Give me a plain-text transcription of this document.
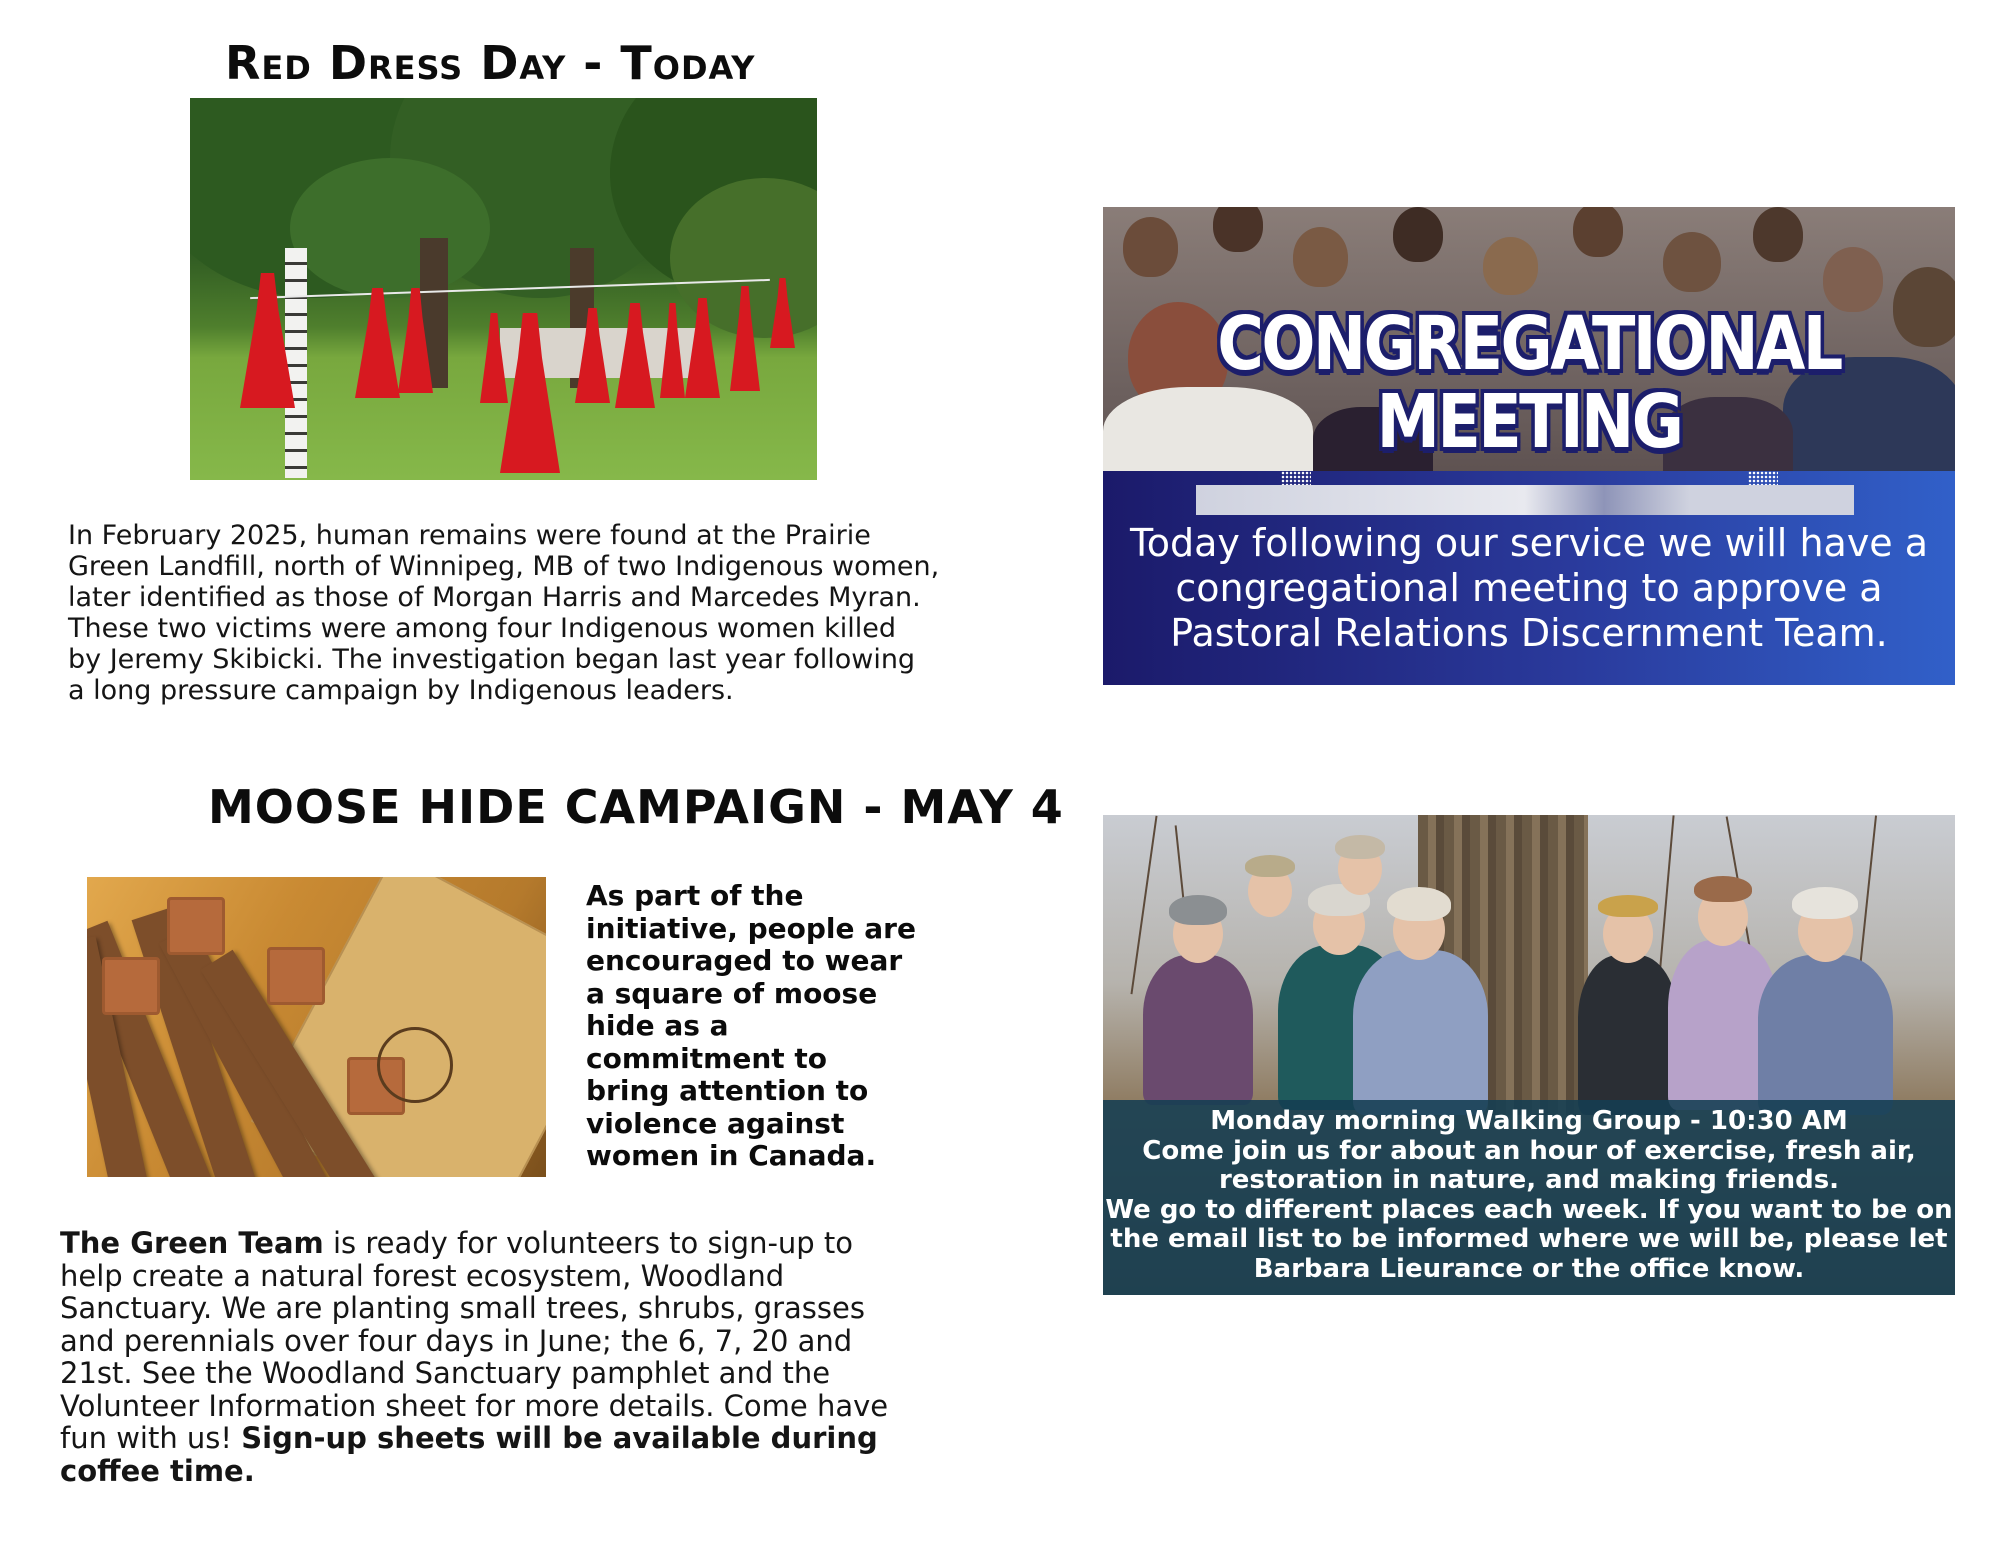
Red Dress Day - Today
In February 2025, human remains were found at the Prairie
Green Landfill, north of Winnipeg, MB of two Indigenous women,
later identified as those of Morgan Harris and Marcedes Myran.
These two victims were among four Indigenous women killed
by Jeremy Skibicki. The investigation began last year following
a long pressure campaign by Indigenous leaders.
MOOSE HIDE CAMPAIGN - MAY 4
As part of the
initiative, people are
encouraged to wear
a square of moose
hide as a
commitment to
bring attention to
violence against
women in Canada.
The Green Team is ready for volunteers to sign-up to
help create a natural forest ecosystem, Woodland
Sanctuary. We are planting small trees, shrubs, grasses
and perennials over four days in June; the 6, 7, 20 and
21st. See the Woodland Sanctuary pamphlet and the
Volunteer Information sheet for more details. Come have
fun with us! Sign-up sheets will be available during
coffee time.
CONGREGATIONAL
MEETING
Today following our service we will have a
congregational meeting to approve a
Pastoral Relations Discernment Team.
Monday morning Walking Group - 10:30 AM
Come join us for about an hour of exercise, fresh air,
restoration in nature, and making friends.
We go to different places each week. If you want to be on
the email list to be informed where we will be, please let
Barbara Lieurance or the office know.
